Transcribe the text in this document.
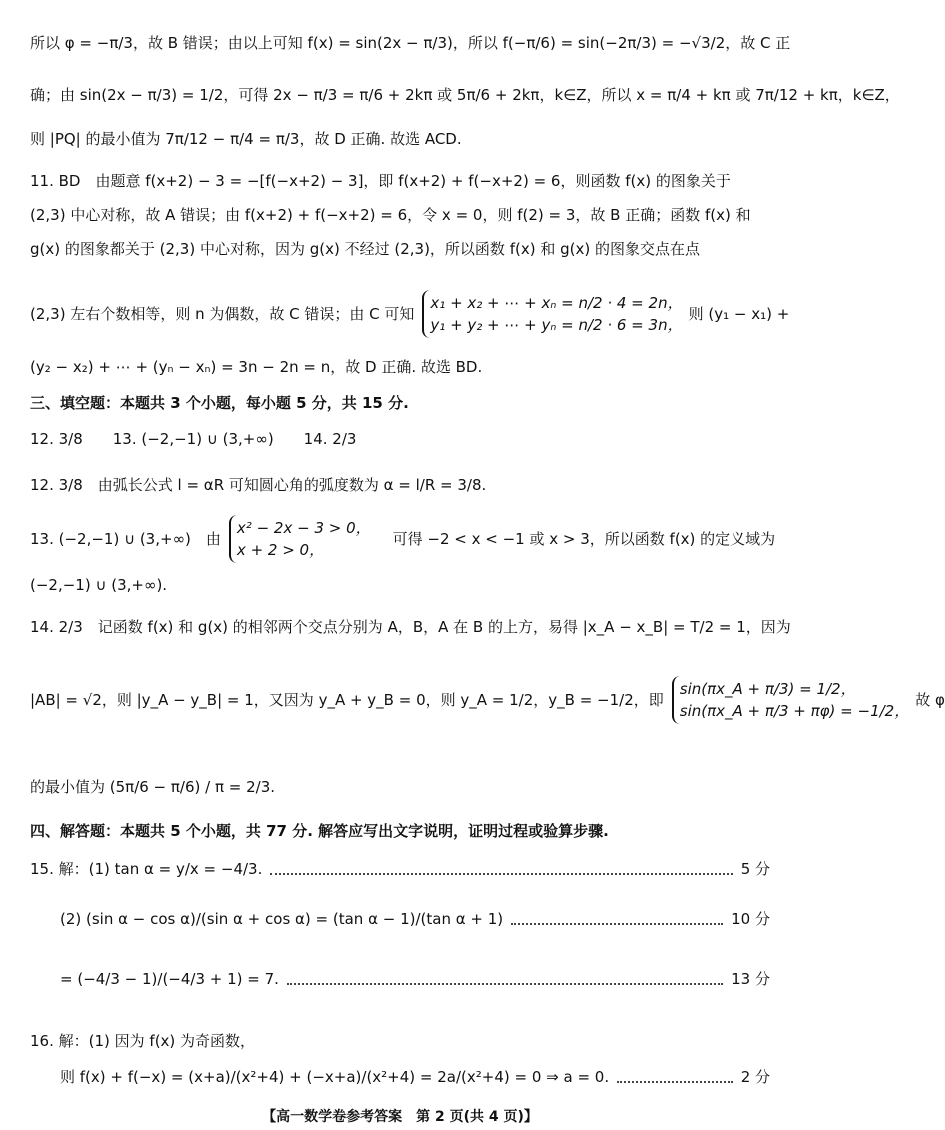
所以 φ = −π/3，故 B 错误；由以上可知 f(x) = sin(2x − π/3)，所以 f(−π/6) = sin(−2π/3) = −√3/2，故 C 正
确；由 sin(2x − π/3) = 1/2，可得 2x − π/3 = π/6 + 2kπ 或 5π/6 + 2kπ，k∈Z，所以 x = π/4 + kπ 或 7π/12 + kπ，k∈Z，
则 |PQ| 的最小值为 7π/12 − π/4 = π/3，故 D 正确. 故选 ACD.
11. BD　由题意 f(x+2) − 3 = −[f(−x+2) − 3]，即 f(x+2) + f(−x+2) = 6，则函数 f(x) 的图象关于
(2,3) 中心对称，故 A 错误；由 f(x+2) + f(−x+2) = 6，令 x = 0，则 f(2) = 3，故 B 正确；函数 f(x) 和
g(x) 的图象都关于 (2,3) 中心对称，因为 g(x) 不经过 (2,3)，所以函数 f(x) 和 g(x) 的图象交点在点
(2,3) 左右个数相等，则 n 为偶数，故 C 错误；由 C 可知
x₁ + x₂ + ⋯ + xₙ = n/2 · 4 = 2n，
y₁ + y₂ + ⋯ + yₙ = n/2 · 6 = 3n，
则 (y₁ − x₁) +
(y₂ − x₂) + ⋯ + (yₙ − xₙ) = 3n − 2n = n，故 D 正确. 故选 BD.
三、填空题：本题共 3 个小题，每小题 5 分，共 15 分.
12. 3/8　　13. (−2,−1) ∪ (3,+∞)　　14. 2/3
12. 3/8　由弧长公式 l = αR 可知圆心角的弧度数为 α = l/R = 3/8.
13. (−2,−1) ∪ (3,+∞)　由
x² − 2x − 3 > 0，
x + 2 > 0，
可得 −2 < x < −1 或 x > 3，所以函数 f(x) 的定义域为
(−2,−1) ∪ (3,+∞).
14. 2/3　记函数 f(x) 和 g(x) 的相邻两个交点分别为 A，B，A 在 B 的上方，易得 |x_A − x_B| = T/2 = 1，因为
|AB| = √2，则 |y_A − y_B| = 1，又因为 y_A + y_B = 0，则 y_A = 1/2，y_B = −1/2，即
sin(πx_A + π/3) = 1/2，
sin(πx_A + π/3 + πφ) = −1/2，
故 φ
的最小值为 (5π/6 − π/6) / π = 2/3.
四、解答题：本题共 5 个小题，共 77 分. 解答应写出文字说明，证明过程或验算步骤.
15. 解：(1) tan α = y/x = −4/3.	5 分
(2) (sin α − cos α)/(sin α + cos α) = (tan α − 1)/(tan α + 1)	10 分
= (−4/3 − 1)/(−4/3 + 1) = 7.	13 分
16. 解：(1) 因为 f(x) 为奇函数，
则 f(x) + f(−x) = (x+a)/(x²+4) + (−x+a)/(x²+4) = 2a/(x²+4) = 0 ⇒ a = 0.	2 分
【高一数学卷参考答案　第 2 页(共 4 页)】
